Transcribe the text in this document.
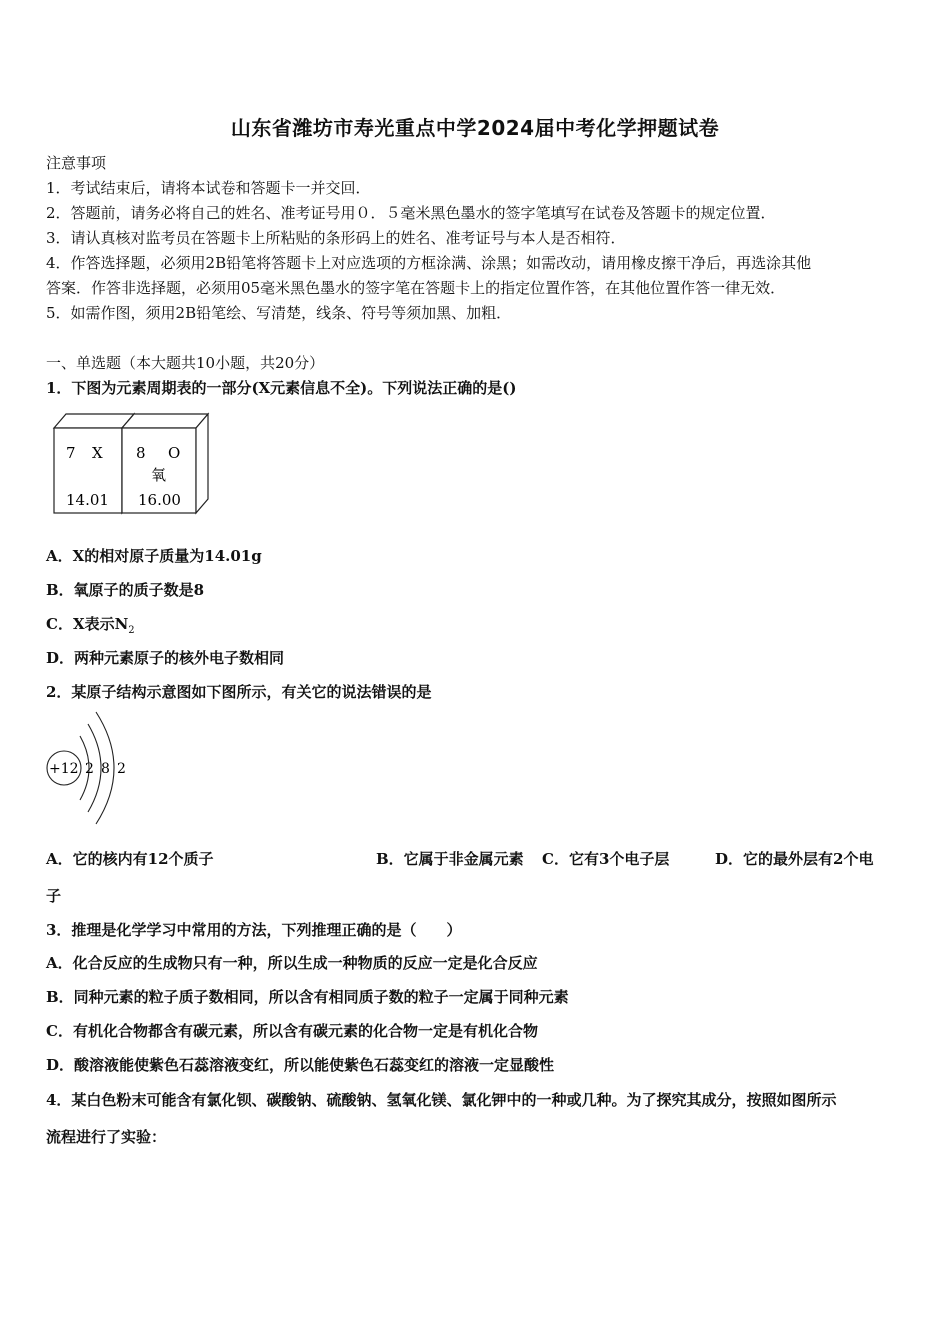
山东省潍坊市寿光重点中学2024届中考化学押题试卷
注意事项
1．考试结束后，请将本试卷和答题卡一并交回．
2．答题前，请务必将自己的姓名、准考证号用０．５毫米黑色墨水的签字笔填写在试卷及答题卡的规定位置．
3．请认真核对监考员在答题卡上所粘贴的条形码上的姓名、准考证号与本人是否相符．
4．作答选择题，必须用2B铅笔将答题卡上对应选项的方框涂满、涂黑；如需改动，请用橡皮擦干净后，再选涂其他
答案．作答非选择题，必须用05毫米黑色墨水的签字笔在答题卡上的指定位置作答，在其他位置作答一律无效．
5．如需作图，须用2B铅笔绘、写清楚，线条、符号等须加黑、加粗．
一、单选题（本大题共10小题，共20分）
1．下图为元素周期表的一部分(X元素信息不全)。下列说法正确的是()
7 X
14.01
8 O
氧
16.00
A．X的相对原子质量为14.01g
B．氧原子的质子数是8
C．X表示$N_2$
D．两种元素原子的核外电子数相同
2．某原子结构示意图如下图所示，有关它的说法错误的是
+12 2 8 2
A．它的核内有12个质子	B．它属于非金属元素 C．它有3个电子层	D．它的最外层有2个电
子
3．推理是化学学习中常用的方法，下列推理正确的是（　　）
A．化合反应的生成物只有一种，所以生成一种物质的反应一定是化合反应
B．同种元素的粒子质子数相同，所以含有相同质子数的粒子一定属于同种元素
C．有机化合物都含有碳元素，所以含有碳元素的化合物一定是有机化合物
D．酸溶液能使紫色石蕊溶液变红，所以能使紫色石蕊变红的溶液一定显酸性
4．某白色粉末可能含有氯化钡、碳酸钠、硫酸钠、氢氧化镁、氯化钾中的一种或几种。为了探究其成分，按照如图所示
流程进行了实验：
